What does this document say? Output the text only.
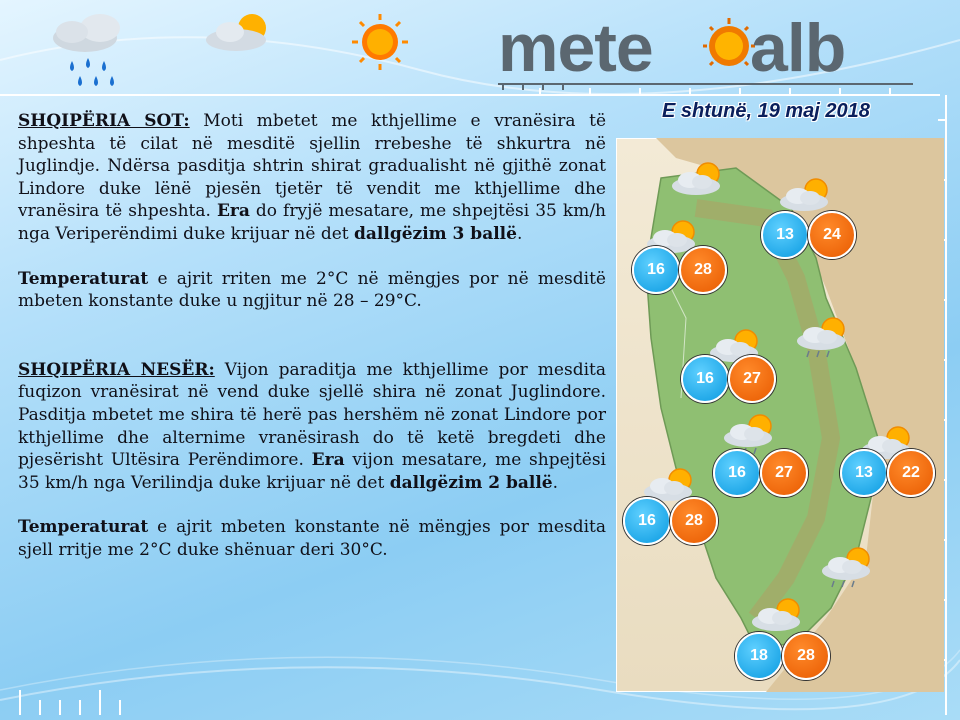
mete alb
E shtunë, 19 maj 2018

SHQIPËRIA SOT: Moti mbetet me kthjellime e vranësira të shpeshta të cilat në mesditë sjellin rrebeshe të shkurtra në Juglindje. Ndërsa pasditja shtrin shirat gradualisht në gjithë zonat Lindore duke lënë pjesën tjetër të vendit me kthjellime dhe vranësira të shpeshta. Era do fryjë mesatare, me shpejtësi 35 km/h nga Veriperëndimi duke krijuar në det dallgëzim 3 ballë.

Temperaturat e ajrit rriten me 2°C në mëngjes por në mesditë mbeten konstante duke u ngjitur në 28 – 29°C.

SHQIPËRIA NESËR: Vijon paraditja me kthjellime por mesdita fuqizon vranësirat në vend duke sjellë shira në zonat Juglindore. Pasditja mbetet me shira të herë pas hershëm në zonat Lindore por kthjellime dhe alternime vranësirash do të ketë bregdeti dhe pjesërisht Ultësira Perëndimore. Era vijon mesatare, me shpejtësi 35 km/h nga Verilindja duke krijuar në det dallgëzim 2 ballë.

Temperaturat e ajrit mbeten konstante në mëngjes por mesdita sjell rritje me 2°C duke shënuar deri 30°C.

13	24
16	28
16	27
16	27	13	22
16	28
18	28
